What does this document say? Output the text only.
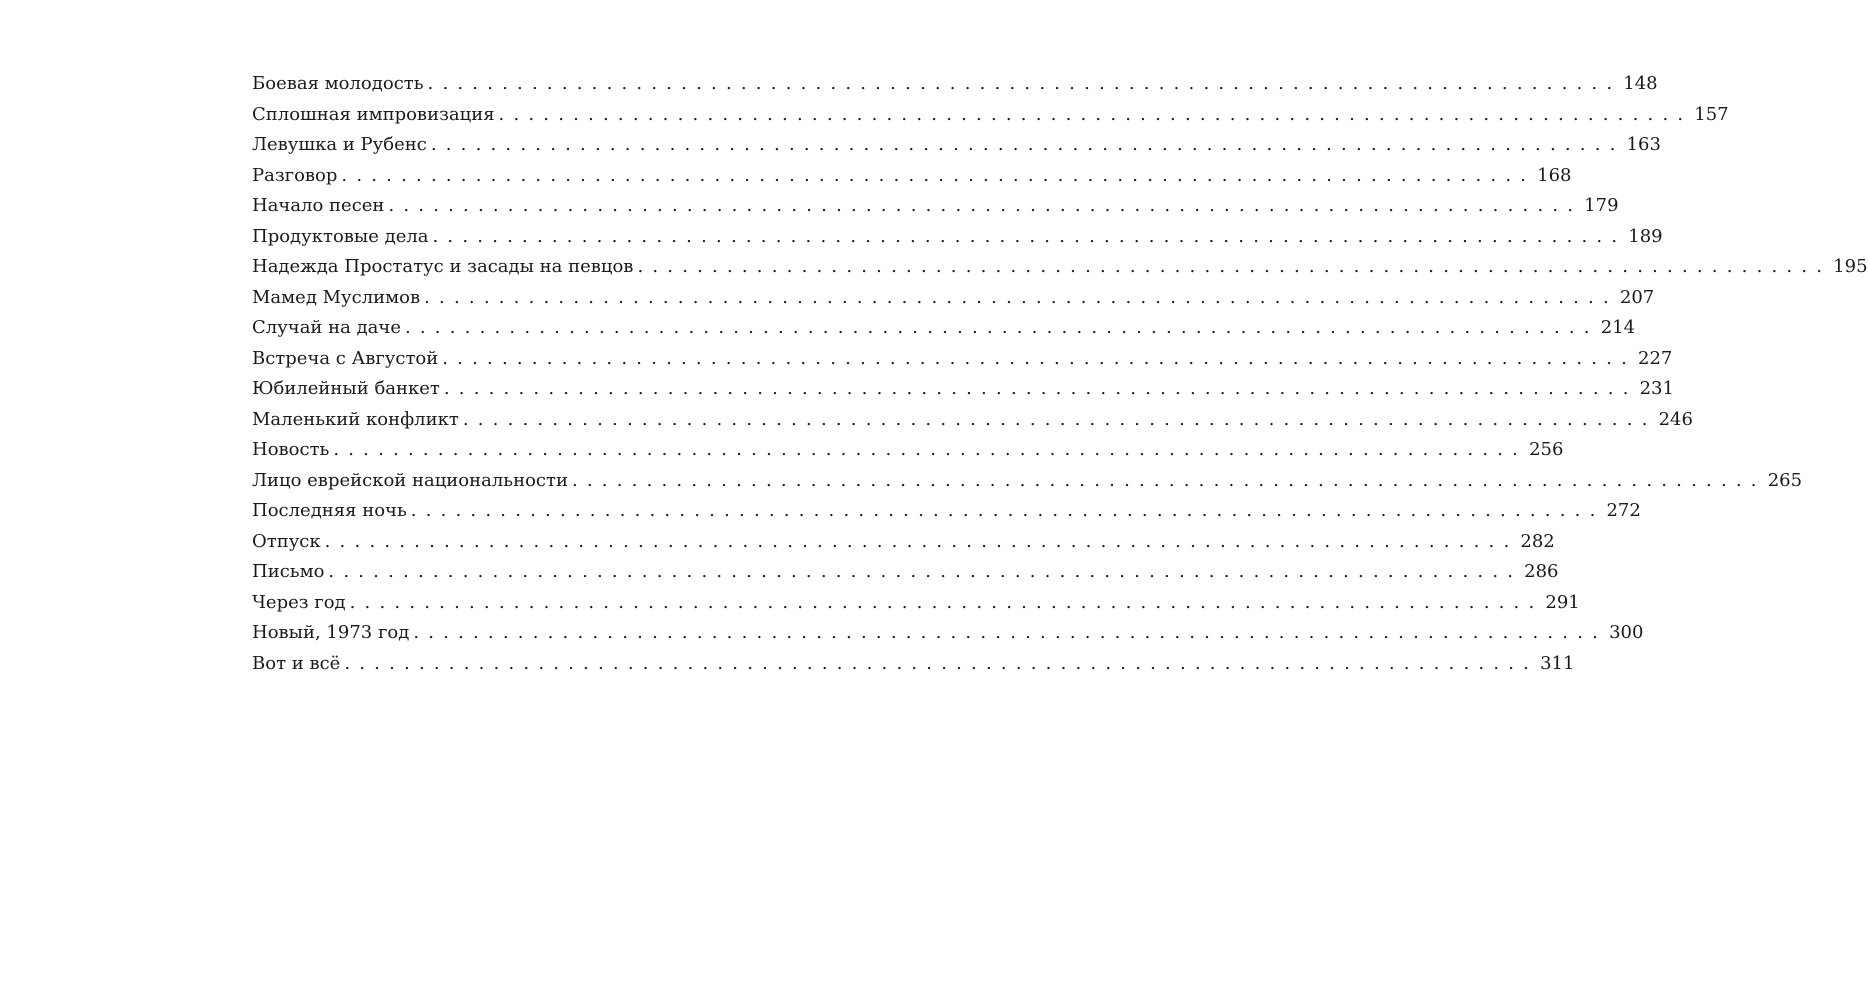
Боевая молодость ................................................................................ 148
Сплошная импровизация ................................................................................ 157
Левушка и Рубенс ................................................................................ 163
Разговор ................................................................................ 168
Начало песен ................................................................................ 179
Продуктовые дела ................................................................................ 189
Надежда Простатус и засады на певцов ................................................................................ 195
Мамед Муслимов ................................................................................ 207
Случай на даче ................................................................................ 214
Встреча с Августой ................................................................................ 227
Юбилейный банкет ................................................................................ 231
Маленький конфликт ................................................................................ 246
Новость ................................................................................ 256
Лицо еврейской национальности ................................................................................ 265
Последняя ночь ................................................................................ 272
Отпуск ................................................................................ 282
Письмо ................................................................................ 286
Через год ................................................................................ 291
Новый, 1973 год ................................................................................ 300
Вот и всё ................................................................................ 311
